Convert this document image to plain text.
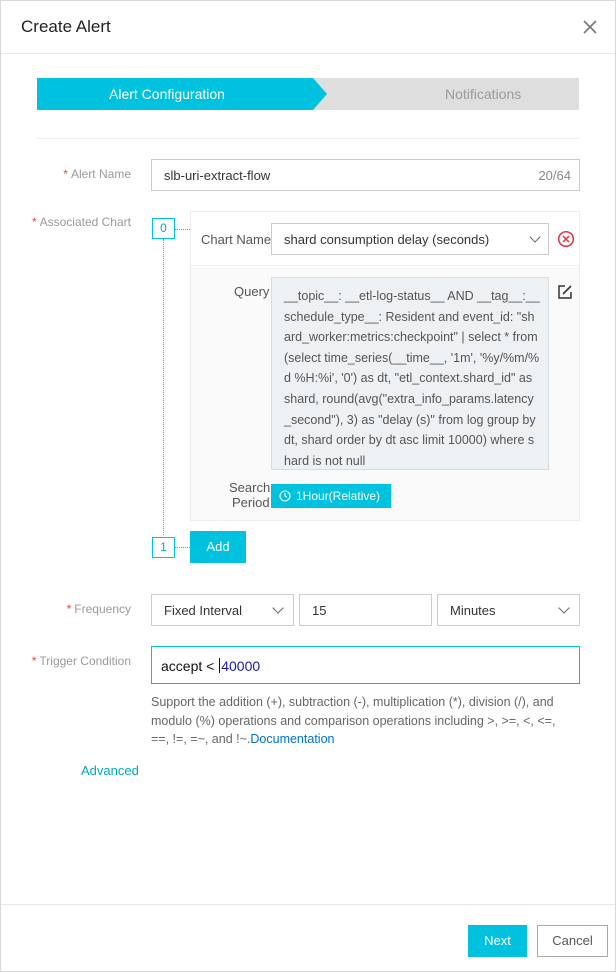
Create Alert
Notifications
Alert Configuration
* Alert Name	slb-uri-extract-flow	20/64
* Associated Chart	0
1
Chart Name shard consumption delay (seconds)
Query __topic__: __etl-log-status__ AND __tag__:__schedule_type__: Resident and event_id: "shard_worker:metrics:checkpoint" | select * from (select time_series(__time__, '1m', '%y/%m/%d %H:%i', '0') as dt, "etl_context.shard_id" as shard, round(avg("extra_info_params.latency_second"), 3) as "delay (s)" from log group by dt, shard order by dt asc limit 10000) where shard is not null
Search
Period 1Hour(Relative)
Add
* Frequency	Fixed Interval	15	Minutes
* Trigger Condition accept < 40000
Support the addition (+), subtraction (-), multiplication (*), division (/), and modulo (%) operations and comparison operations including >, >=, <, <=, ==, !=, =~, and !~.Documentation
Advanced
Next	Cancel
